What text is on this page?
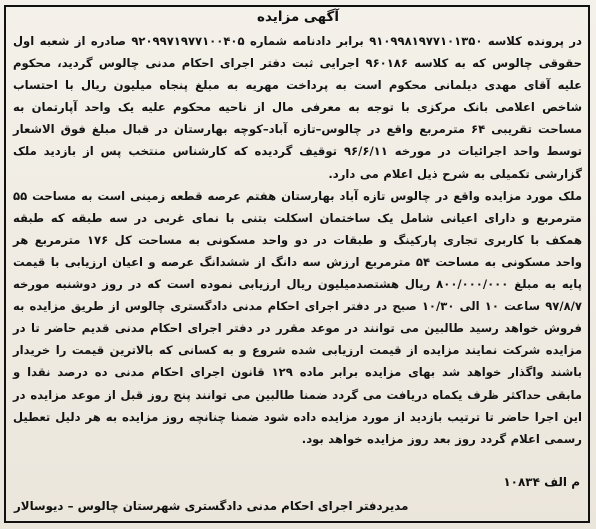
آگهی مزایده

در پرونده کلاسه ۹۱۰۹۹۸۱۹۷۷۱۰۱۳۵۰ برابر دادنامه شماره ۹۲۰۹۹۷۱۹۷۷۱۰۰۴۰۵ صادره از شعبه اول حقوقی چالوس که به کلاسه ۹۶۰۱۸۶ اجرایی ثبت دفتر اجرای احکام مدنی چالوس گردید، محکوم علیه آقای مهدی دیلمانی محکوم است به پرداخت مهریه به مبلغ پنجاه میلیون ریال با احتساب شاخص اعلامی بانک مرکزی با توجه به معرفی مال از ناحیه محکوم علیه یک واحد آپارتمان به مساحت تقریبی ۶۴ مترمربع واقع در چالوس–تازه آباد–کوچه بهارستان در قبال مبلغ فوق الاشعار توسط واحد اجرائیات در مورخه ۹۶/۶/۱۱ توقیف گردیده که کارشناس منتخب پس از بازدید ملک گزارشی تکمیلی به شرح ذیل اعلام می دارد.

ملک مورد مزایده واقع در چالوس تازه آباد بهارستان هفتم عرصه قطعه زمینی است به مساحت ۵۵ مترمربع و دارای اعیانی شامل یک ساختمان اسکلت بتنی با نمای غربی در سه طبقه که طبقه همکف با کاربری تجاری پارکینگ و طبقات در دو واحد مسکونی به مساحت کل ۱۷۶ مترمربع هر واحد مسکونی به مساحت ۵۴ مترمربع ارزش سه دانگ از ششدانگ عرصه و اعیان ارزیابی با قیمت پایه به مبلغ ۸۰۰/۰۰۰/۰۰۰ ریال هشتصدمیلیون ریال ارزیابی نموده است که در روز دوشنبه مورخه ۹۷/۸/۷ ساعت ۱۰ الی ۱۰/۳۰ صبح در دفتر اجرای احکام مدنی دادگستری چالوس از طریق مزایده به فروش خواهد رسید طالبین می توانند در موعد مقرر در دفتر اجرای احکام مدنی قدیم حاضر تا در مزایده شرکت نمایند مزایده از قیمت ارزیابی شده شروع و به کسانی که بالاترین قیمت را خریدار باشند واگذار خواهد شد بهای مزایده برابر ماده ۱۲۹ قانون اجرای احکام مدنی ده درصد نقدا و مابقی حداکثر ظرف یکماه دریافت می گردد ضمنا طالبین می توانند پنج روز قبل از موعد مزایده در این اجرا حاضر تا ترتیب بازدید از مورد مزایده داده شود ضمنا چنانچه روز مزایده به هر دلیل تعطیل رسمی اعلام گردد روز بعد روز مزایده خواهد بود.

م الف ۱۰۸۳۴
مدیردفتر اجرای احکام مدنی دادگستری شهرستان چالوس – دیوسالار
